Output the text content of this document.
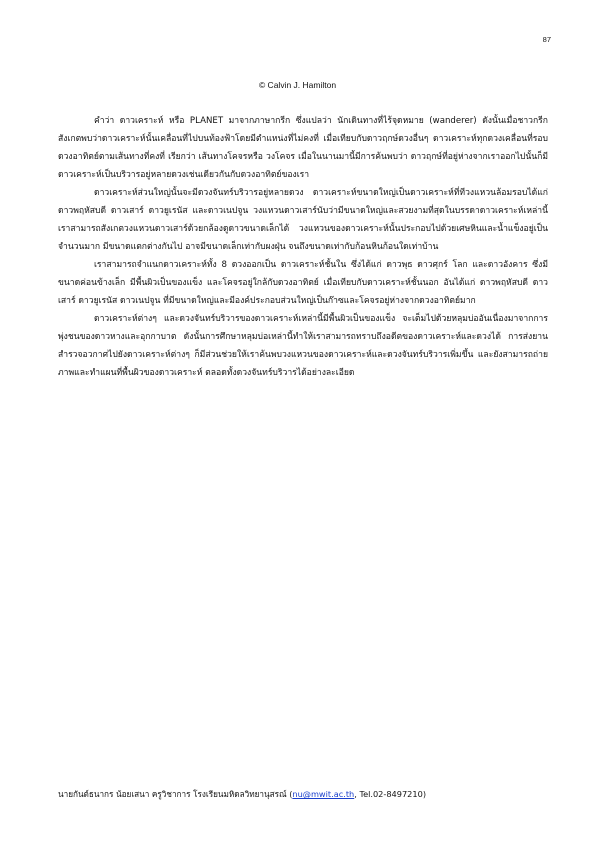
87
© Calvin J. Hamilton

คำว่า ดาวเคราะห์ หรือ PLANET มาจากภาษากรีก ซึ่งแปลว่า นักเดินทางที่ไร้จุดหมาย (wanderer) ดังนั้นเมื่อชาวกรีกสังเกตพบว่าดาวเคราะห์นั้นเคลื่อนที่ไปบนท้องฟ้าโดยมีตำแหน่งที่ไม่คงที่ เมื่อเทียบกับดาวฤกษ์ดวงอื่นๆ ดาวเคราะห์ทุกดวงเคลื่อนที่รอบดวงอาทิตย์ตามเส้นทางที่คงที่ เรียกว่า เส้นทางโคจรหรือ วงโคจร เมื่อในนานมานี้มีการค้นพบว่า ดาวฤกษ์ที่อยู่ห่างจากเราออกไปนั้นก็มีดาวเคราะห์เป็นบริวารอยู่หลายดวงเช่นเดียวกันกับดวงอาทิตย์ของเรา

ดาวเคราะห์ส่วนใหญ่นั้นจะมีดวงจันทร์บริวารอยู่หลายดวง ดาวเคราะห์ขนาดใหญ่เป็นดาวเคราะห์ที่ทีวงแหวนล้อมรอบได้แก่ ดาวพฤหัสบดี ดาวเสาร์ ดาวยูเรนัส และดาวเนปจูน วงแหวนดาวเสาร์นับว่ามีขนาดใหญ่และสวยงามที่สุดในบรรดาดาวเคราะห์เหล่านี้ เราสามารถสังเกตวงแหวนดาวเสาร์ด้วยกล้องดูดาวขนาดเล็กได้ วงแหวนของดาวเคราะห์นั้นประกอบไปด้วยเศษหินและน้ำแข็งอยู่เป็นจำนวนมาก มีขนาดแตกต่างกันไป อาจมีขนาดเล็กเท่ากับผงฝุ่น จนถึงขนาดเท่ากับก้อนหินก้อนใดเท่าบ้าน

เราสามารถจำแนกดาวเคราะห์ทั้ง 8 ดวงออกเป็น ดาวเคราะห์ชั้นใน ซึ่งได้แก่ ดาวพุธ ดาวศุกร์ โลก และดาวอังคาร ซึ่งมีขนาดค่อนข้างเล็ก มีพื้นผิวเป็นของแข็ง และโคจรอยู่ใกล้กับดวงอาทิตย์ เมื่อเทียบกับดาวเคราะห์ชั้นนอก อันได้แก่ ดาวพฤหัสบดี ดาวเสาร์ ดาวยูเรนัส ดาวเนปจูน ที่มีขนาดใหญ่และมีองค์ประกอบส่วนใหญ่เป็นก๊าซและโคจรอยู่ห่างจากดวงอาทิตย์มาก

ดาวเคราะห์ต่างๆ และดวงจันทร์บริวารของดาวเคราะห์เหล่านี้มีพื้นผิวเป็นของแข็ง จะเต็มไปด้วยหลุมบ่ออันเนื่องมาจากการพุ่งชนของดาวหางและอุกกาบาต ดังนั้นการศึกษาหลุมบ่อเหล่านี้ทำให้เราสามารถทราบถึงอดีตของดาวเคราะห์และดวงได้ การส่งยานสำรวจอวกาศไปยังดาวเคราะห์ต่างๆ ก็มีส่วนช่วยให้เราค้นพบวงแหวนของดาวเคราะห์และดวงจันทร์บริวารเพิ่มขึ้น และยังสามารถถ่ายภาพและทำแผนที่พื้นผิวของดาวเคราะห์ ตลอดทั้งดวงจันทร์บริวารได้อย่างละเอียด

นายกันต์ธนากร น้อยเสนา ครูวิชาการ โรงเรียนมหิดลวิทยานุสรณ์ (nu@mwit.ac.th, Tel.02-8497210)
